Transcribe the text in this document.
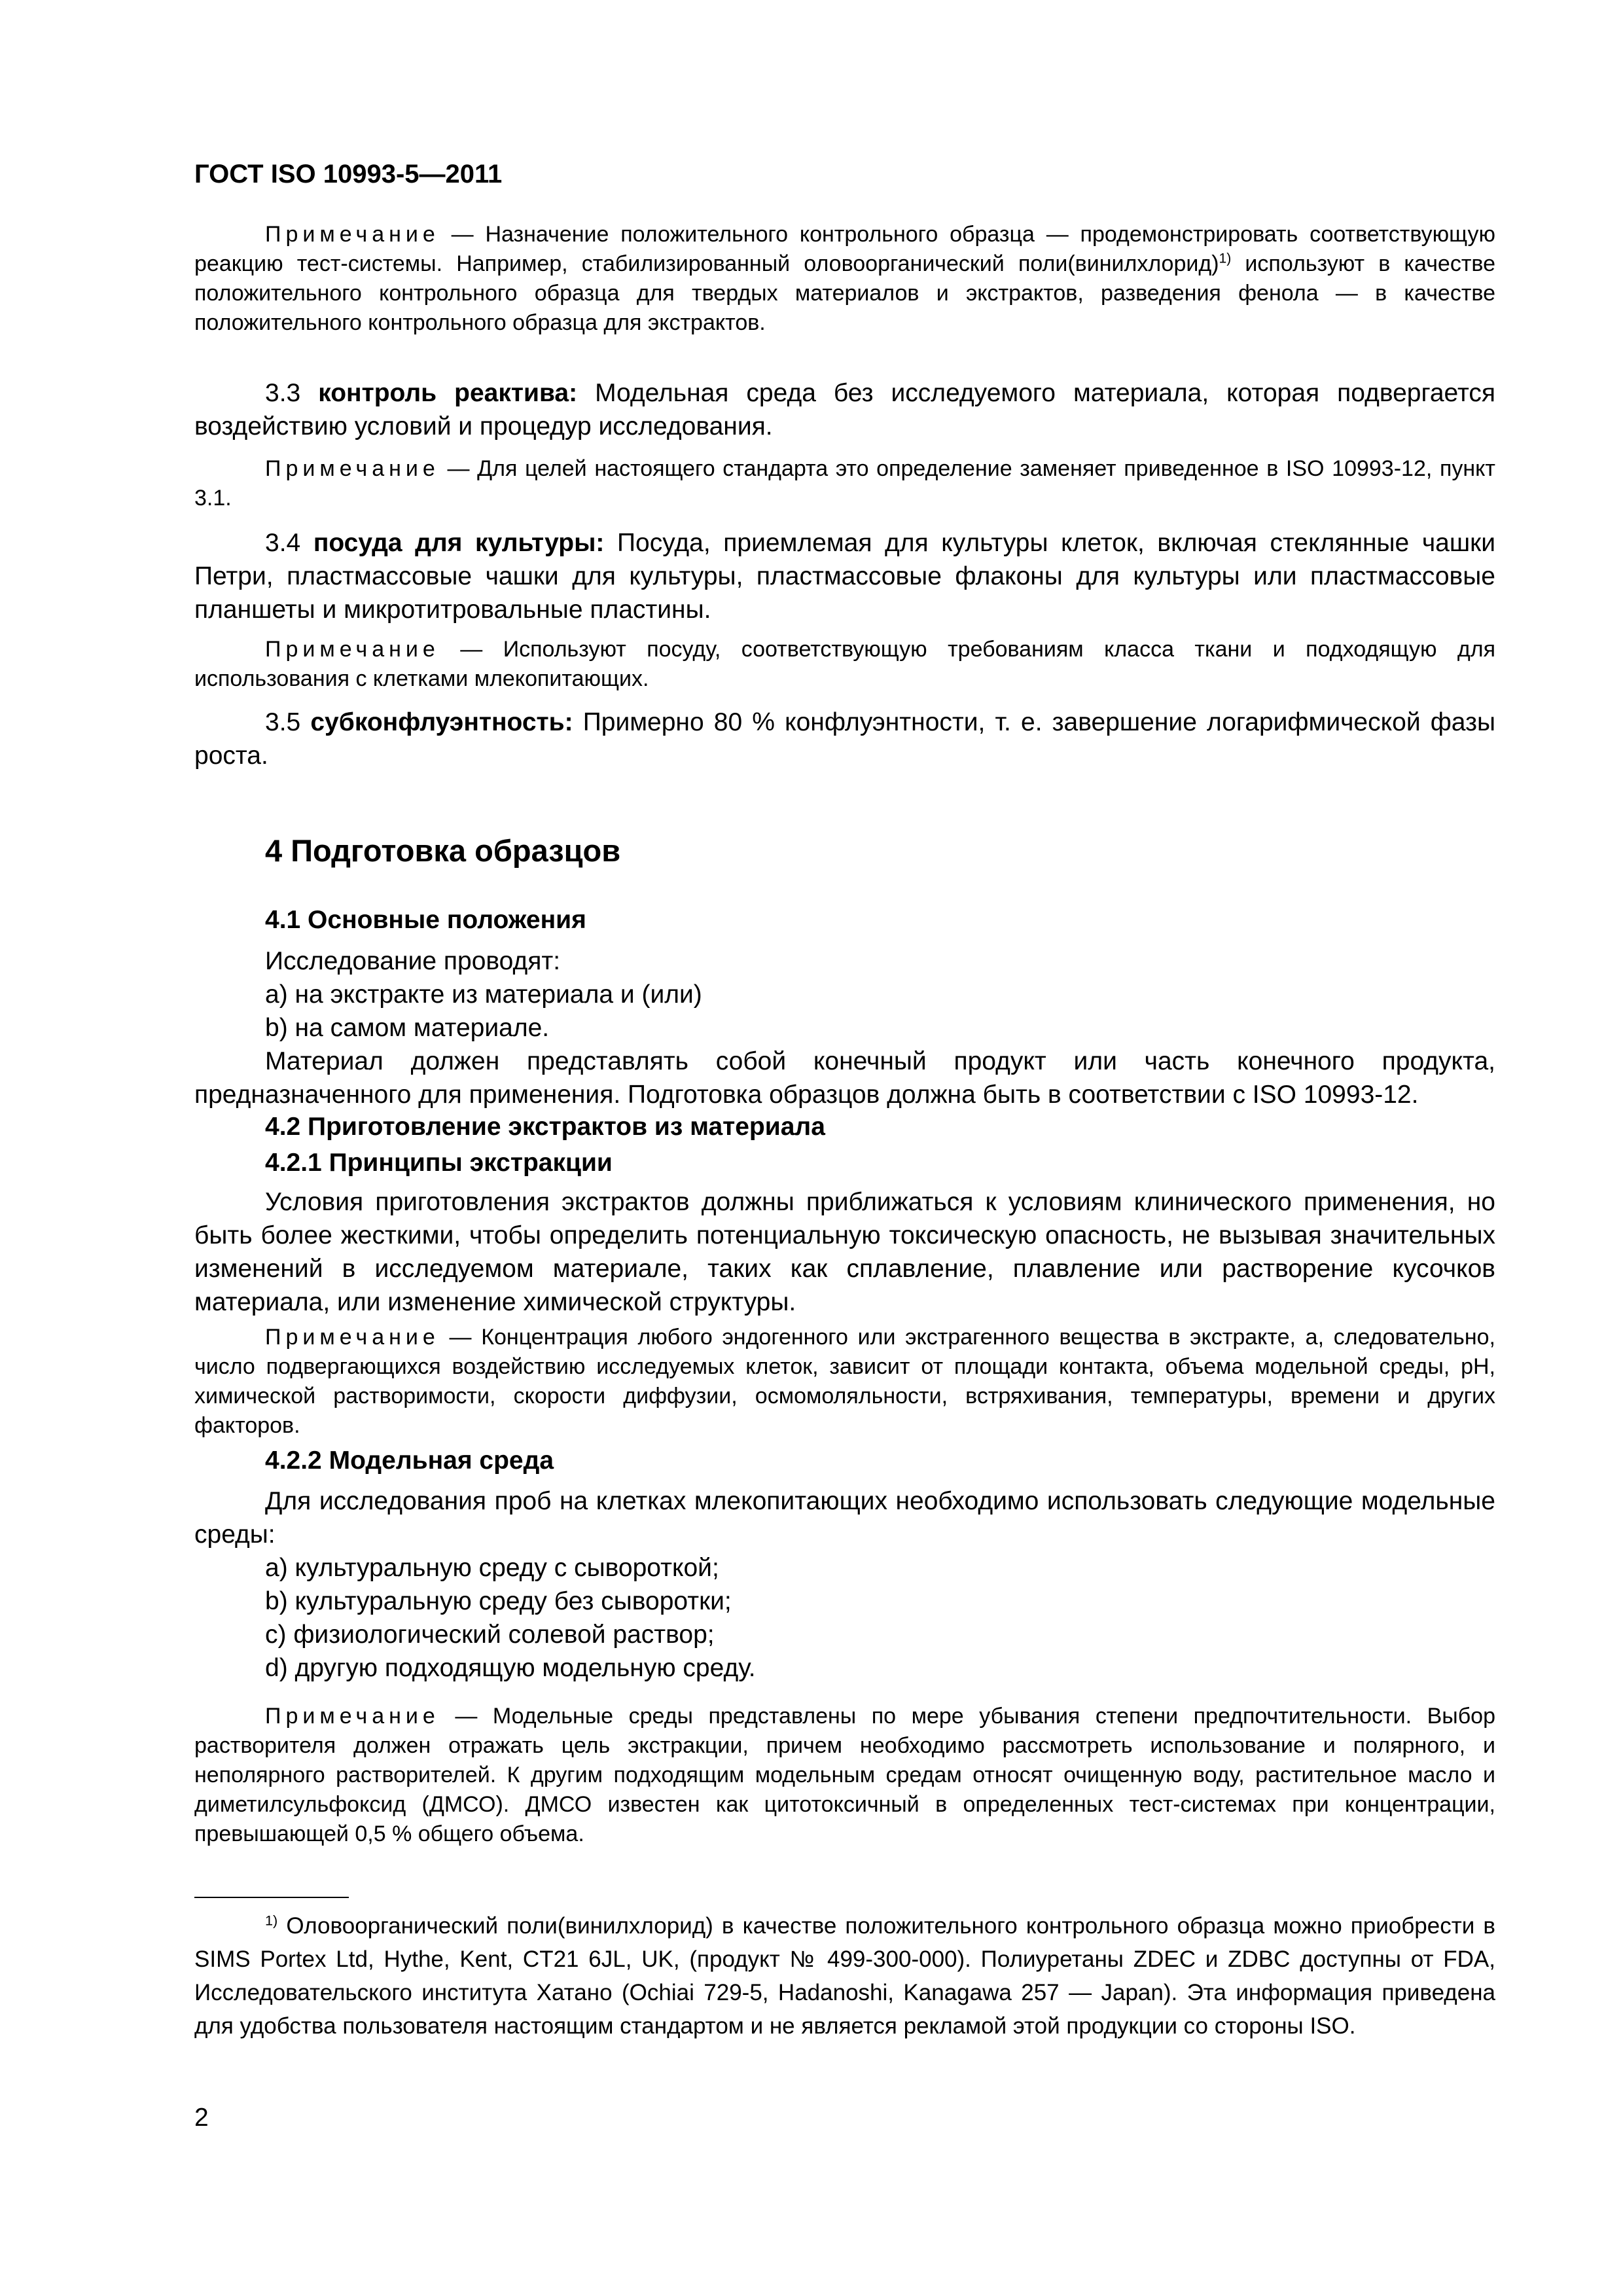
ГОСТ ISO 10993-5—2011

Примечание — Назначение положительного контрольного образца — продемонстрировать соответствующую реакцию тест-системы. Например, стабилизированный оловоорганический поли(винилхлорид)$^{1)}$ используют в качестве положительного контрольного образца для твердых материалов и экстрактов, разведения фенола — в качестве положительного контрольного образца для экстрактов.

3.3 контроль реактива: Модельная среда без исследуемого материала, которая подвергается воздействию условий и процедур исследования.

Примечание — Для целей настоящего стандарта это определение заменяет приведенное в ISO 10993-12, пункт 3.1.

3.4 посуда для культуры: Посуда, приемлемая для культуры клеток, включая стеклянные чашки Петри, пластмассовые чашки для культуры, пластмассовые флаконы для культуры или пластмассовые планшеты и микротитровальные пластины.

Примечание — Используют посуду, соответствующую требованиям класса ткани и подходящую для использования с клетками млекопитающих.

3.5 субконфлуэнтность: Примерно 80 % конфлуэнтности, т. е. завершение логарифмической фазы роста.

4 Подготовка образцов
4.1 Основные положения
Исследование проводят:
a) на экстракте из материала и (или)
b) на самом материале.

Материал должен представлять собой конечный продукт или часть конечного продукта, предназначенного для применения. Подготовка образцов должна быть в соответствии с ISO 10993-12.

4.2 Приготовление экстрактов из материала
4.2.1 Принципы экстракции

Условия приготовления экстрактов должны приближаться к условиям клинического применения, но быть более жесткими, чтобы определить потенциальную токсическую опасность, не вызывая значительных изменений в исследуемом материале, таких как сплавление, плавление или растворение кусочков материала, или изменение химической структуры.

Примечание — Концентрация любого эндогенного или экстрагенного вещества в экстракте, а, следовательно, число подвергающихся воздействию исследуемых клеток, зависит от площади контакта, объема модельной среды, pH, химической растворимости, скорости диффузии, осмомоляльности, встряхивания, температуры, времени и других факторов.

4.2.2 Модельная среда

Для исследования проб на клетках млекопитающих необходимо использовать следующие модельные среды:

a) культуральную среду с сывороткой;
b) культуральную среду без сыворотки;
c) физиологический солевой раствор;
d) другую подходящую модельную среду.

Примечание — Модельные среды представлены по мере убывания степени предпочтительности. Выбор растворителя должен отражать цель экстракции, причем необходимо рассмотреть использование и полярного, и неполярного растворителей. К другим подходящим модельным средам относят очищенную воду, растительное масло и диметилсульфоксид (ДМСО). ДМСО известен как цитотоксичный в определенных тест-системах при концентрации, превышающей 0,5 % общего объема.

$^{1)}$ Оловоорганический поли(винилхлорид) в качестве положительного контрольного образца можно приобрести в SIMS Portex Ltd, Hythe, Kent, CT21 6JL, UK, (продукт № 499-300-000). Полиуретаны ZDEC и ZDBC доступны от FDA, Исследовательского института Хатано (Ochiai 729-5, Hadanoshi, Kanagawa 257 — Japan). Эта информация приведена для удобства пользователя настоящим стандартом и не является рекламой этой продукции со стороны ISO.

2
